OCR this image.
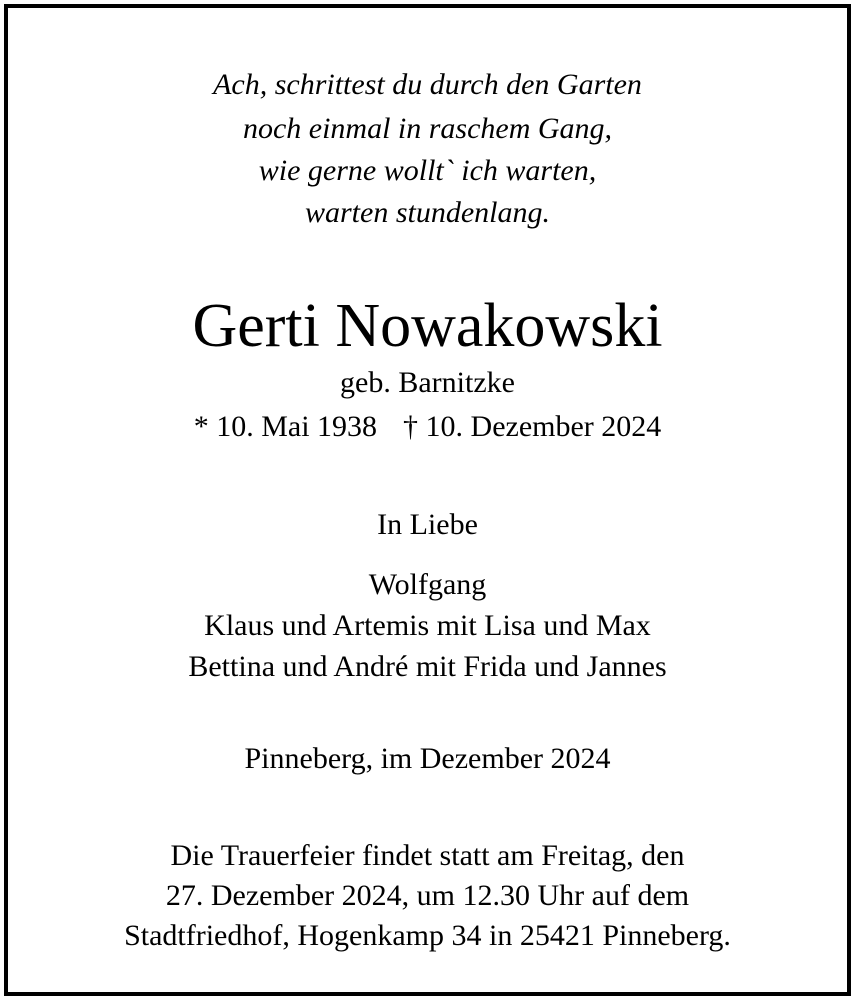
Ach, schrittest du durch den Garten
noch einmal in raschem Gang,
wie gerne wollt` ich warten,
warten stundenlang.
Gerti Nowakowski
geb. Barnitzke
* 10. Mai 1938 † 10. Dezember 2024
In Liebe
Wolfgang
Klaus und Artemis mit Lisa und Max
Bettina und André mit Frida und Jannes
Pinneberg, im Dezember 2024
Die Trauerfeier findet statt am Freitag, den
27. Dezember 2024, um 12.30 Uhr auf dem
Stadtfriedhof, Hogenkamp 34 in 25421 Pinneberg.
